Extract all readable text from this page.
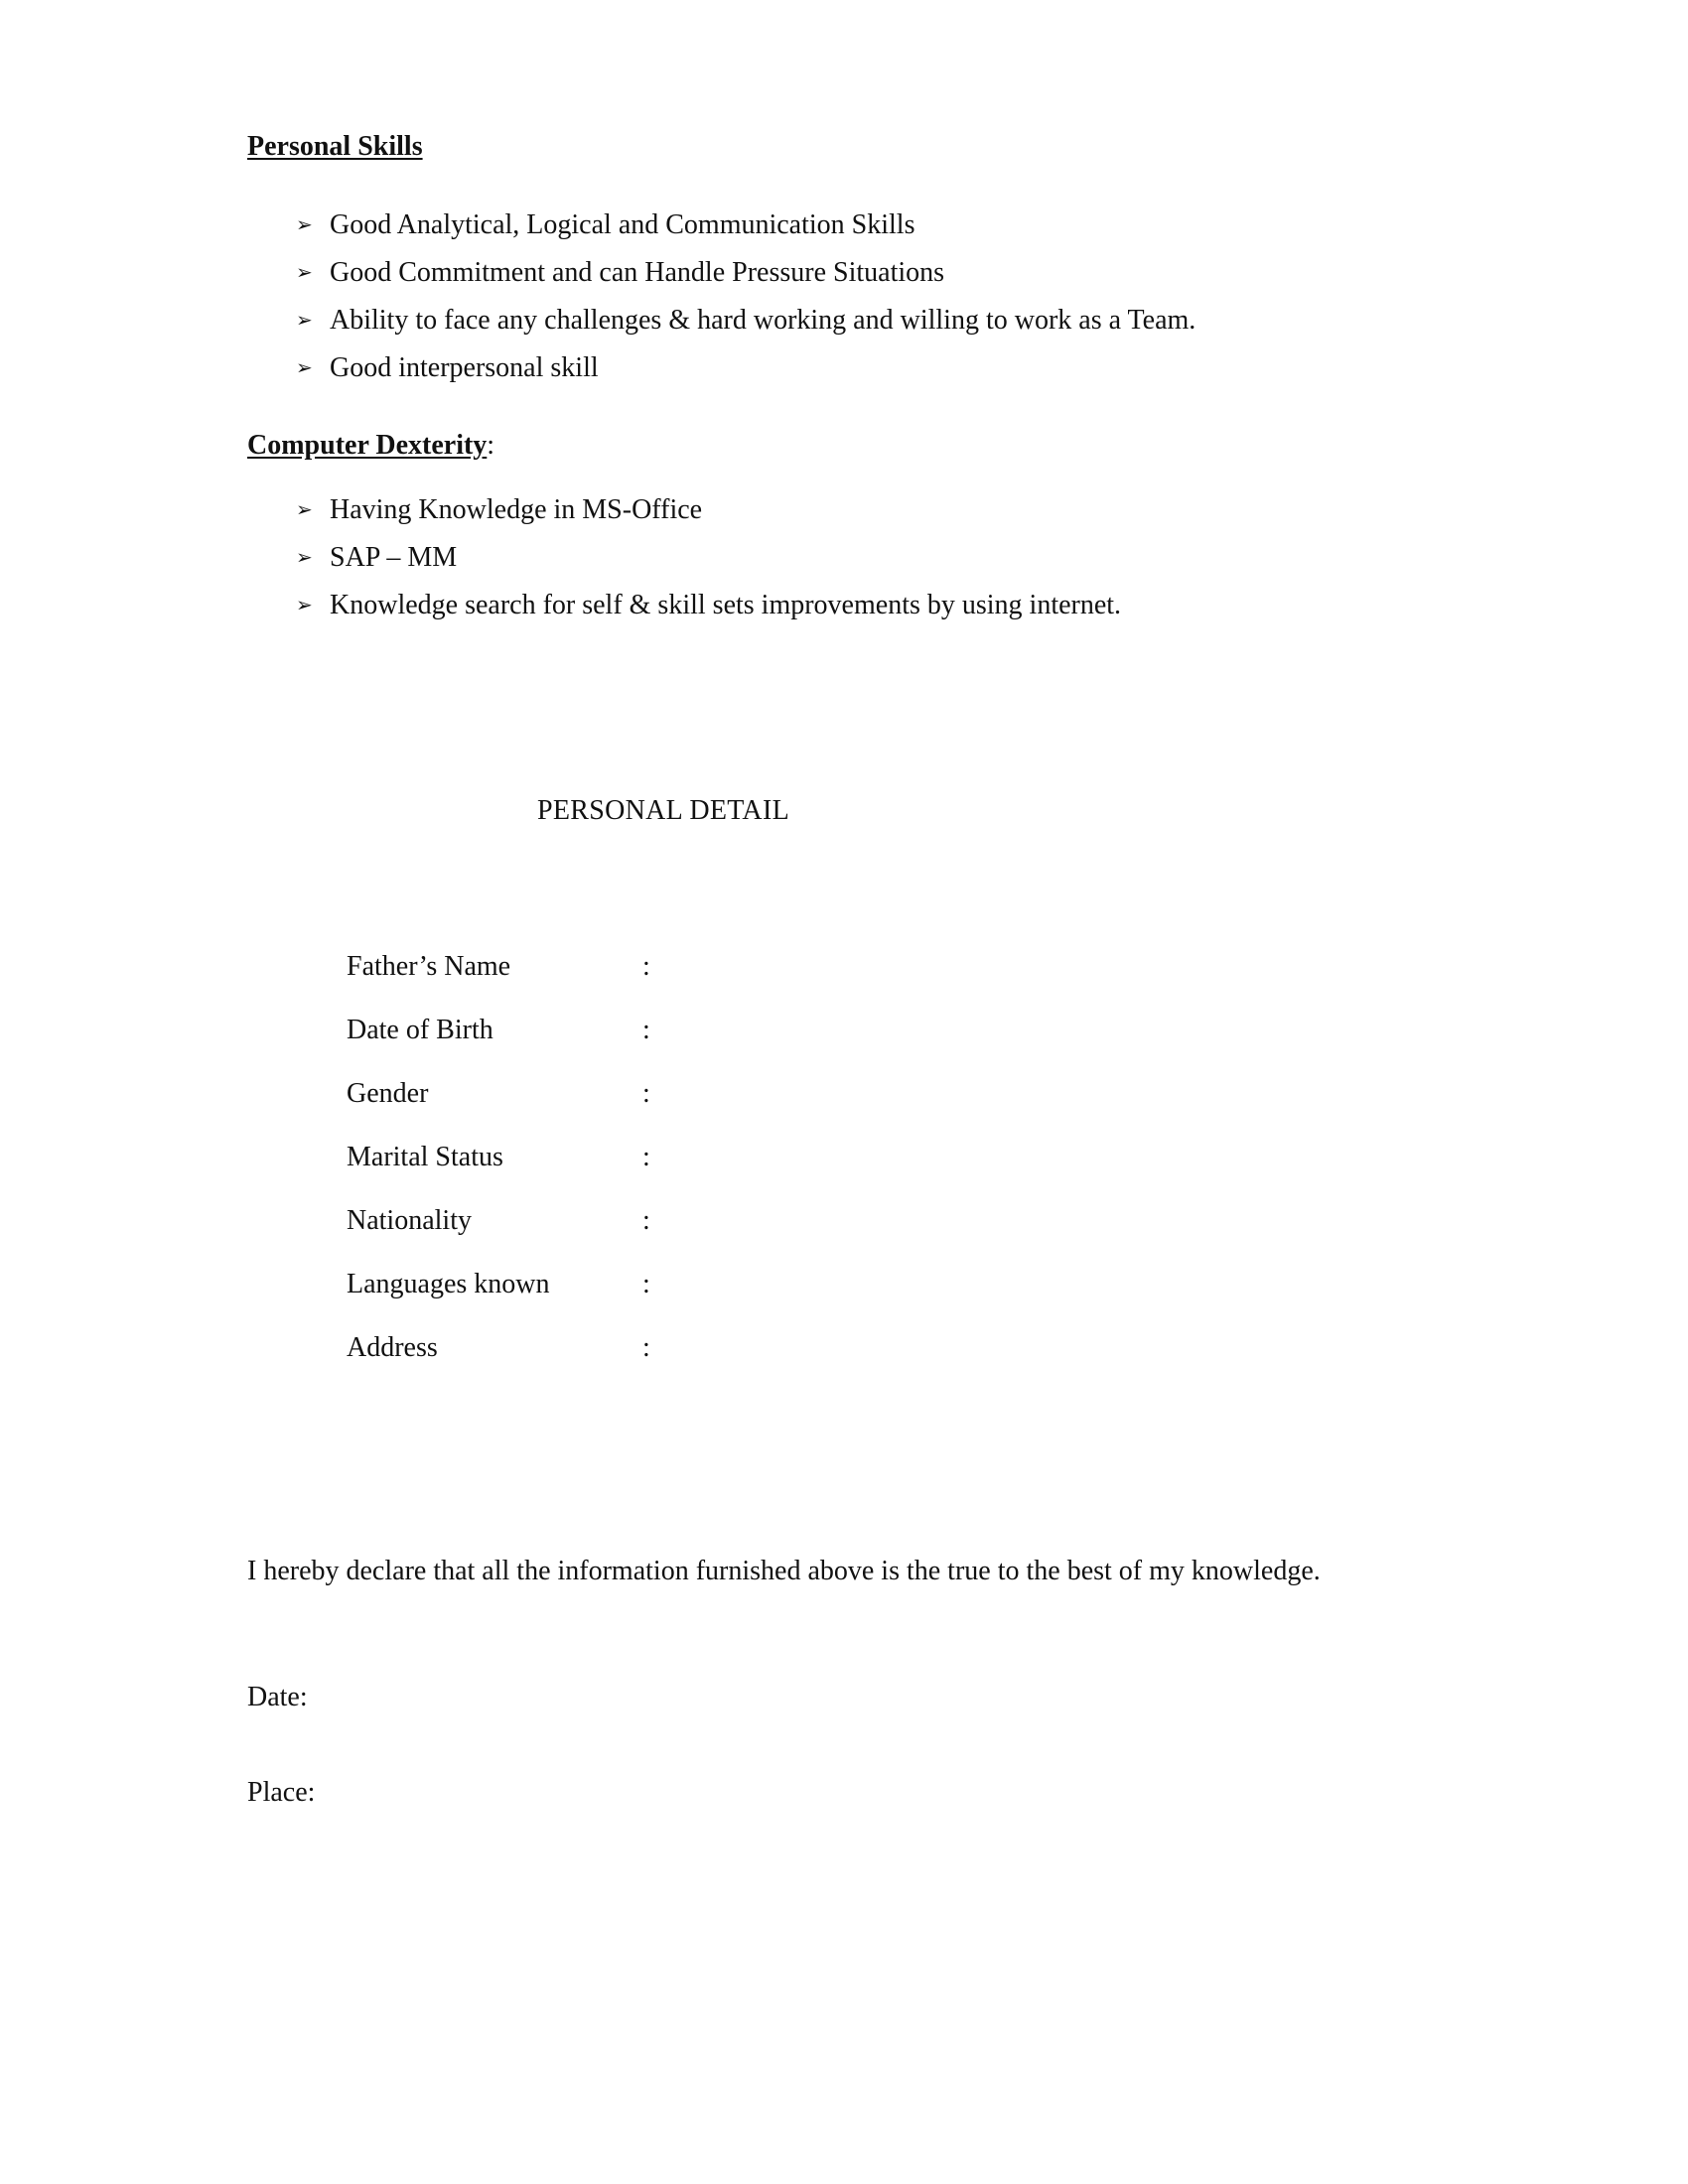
Personal Skills
➢ Good Analytical, Logical and Communication Skills
➢ Good Commitment and can Handle Pressure Situations
➢ Ability to face any challenges & hard working and willing to work as a Team.
➢ Good interpersonal skill
Computer Dexterity:
➢ Having Knowledge in MS-Office
➢ SAP – MM
➢ Knowledge search for self & skill sets improvements by using internet.
PERSONAL DETAIL
Father’s Name	:
Date of Birth	:
Gender	:
Marital Status	:
Nationality	:
Languages known	:
Address	:
I hereby declare that all the information furnished above is the true to the best of my knowledge.
Date:
Place:
